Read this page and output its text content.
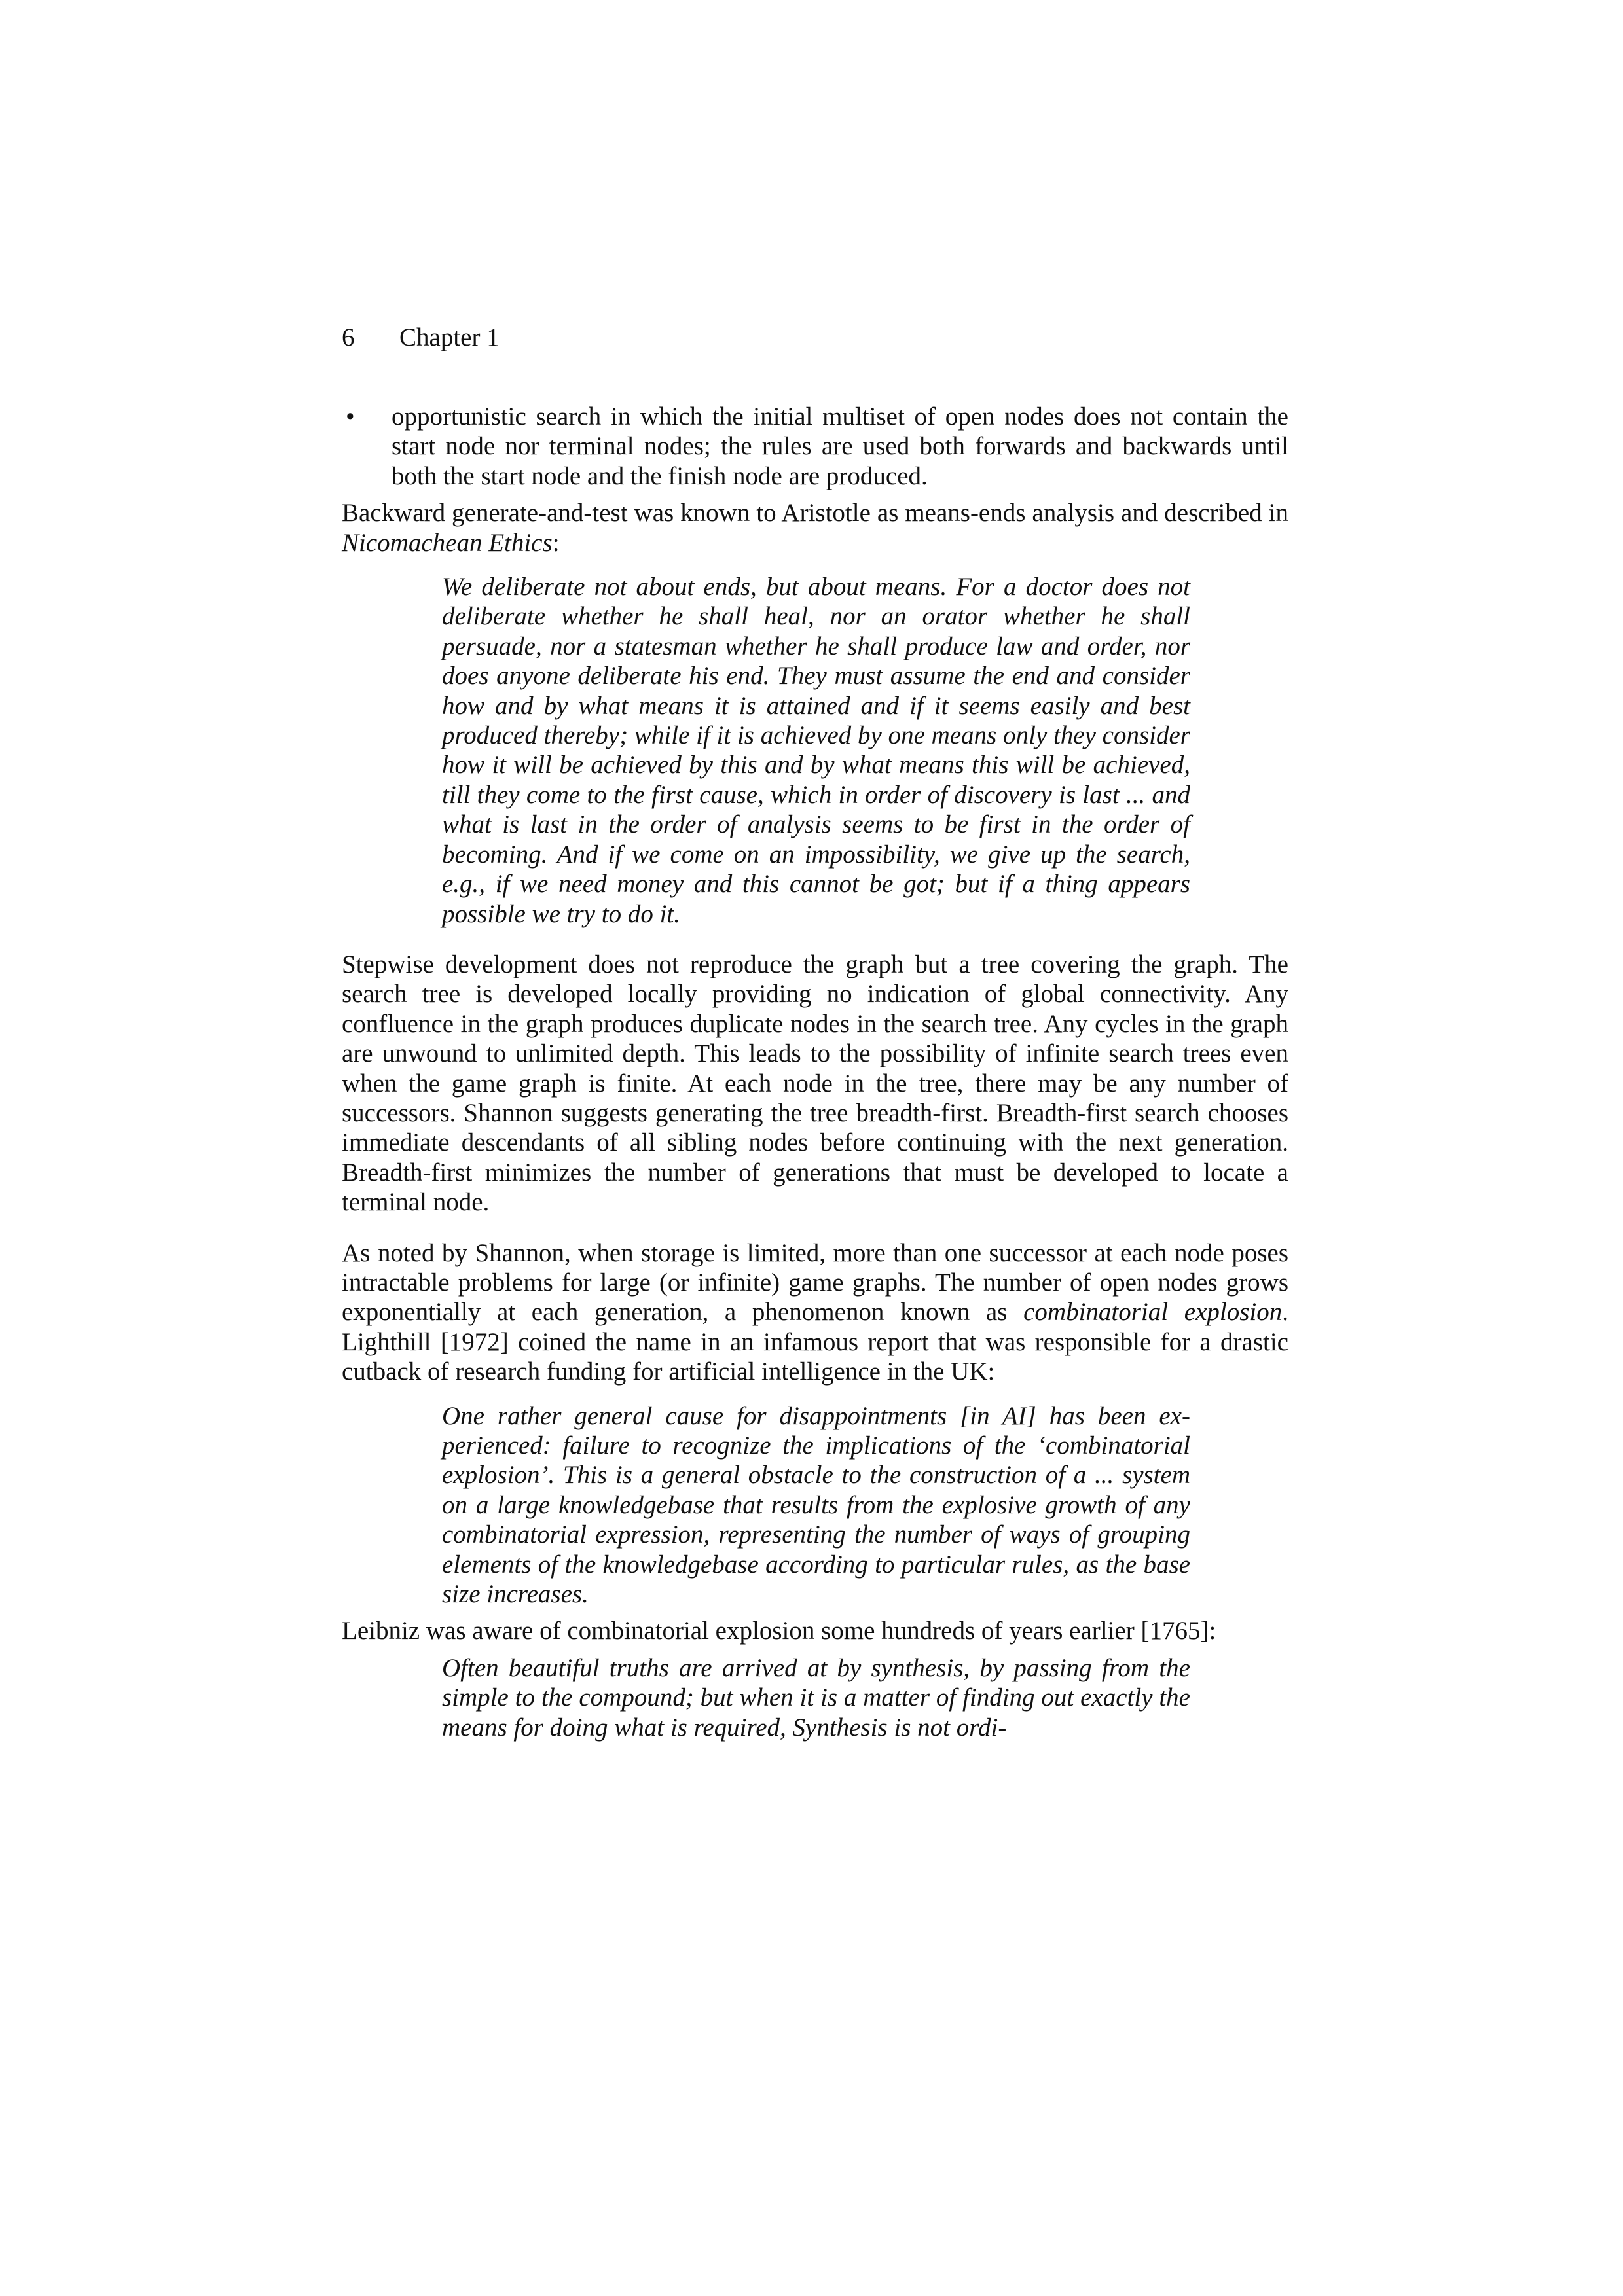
6 Chapter 1

• opportunistic search in which the initial multiset of open nodes does not contain the start node nor terminal nodes; the rules are used both forwards and backwards until both the start node and the finish node are produced.

Backward generate-and-test was known to Aristotle as means-ends analysis and described in Nicomachean Ethics:

We deliberate not about ends, but about means. For a doctor does not deliberate whether he shall heal, nor an orator whether he shall persuade, nor a statesman whether he shall produce law and order, nor does anyone deliberate his end. They must assume the end and consider how and by what means it is attained and if it seems easily and best produced thereby; while if it is achieved by one means only they consider how it will be achieved by this and by what means this will be achieved, till they come to the first cause, which in order of discovery is last ... and what is last in the order of analysis seems to be first in the order of becoming. And if we come on an impossibility, we give up the search, e.g., if we need money and this cannot be got; but if a thing appears possible we try to do it.

Stepwise development does not reproduce the graph but a tree covering the graph. The search tree is developed locally providing no indication of global connectivity. Any confluence in the graph produces duplicate nodes in the search tree. Any cycles in the graph are unwound to unlimited depth. This leads to the possibility of infinite search trees even when the game graph is finite. At each node in the tree, there may be any number of successors. Shannon suggests generating the tree breadth-first. Breadth-first search chooses immediate descendants of all sibling nodes before continuing with the next generation. Breadth-first minimizes the number of generations that must be developed to locate a terminal node.

As noted by Shannon, when storage is limited, more than one successor at each node poses intractable problems for large (or infinite) game graphs. The number of open nodes grows exponentially at each generation, a phenomenon known as combinatorial explosion. Lighthill [1972] coined the name in an infamous report that was responsible for a drastic cutback of research funding for artificial intelligence in the UK:

One rather general cause for disappointments [in AI] has been experienced: failure to recognize the implications of the ‘combinatorial explosion’. This is a general obstacle to the construction of a ... system on a large knowledgebase that results from the explosive growth of any combinatorial expression, representing the number of ways of grouping elements of the knowledgebase according to particular rules, as the base size increases.

Leibniz was aware of combinatorial explosion some hundreds of years earlier [1765]:

Often beautiful truths are arrived at by synthesis, by passing from the simple to the compound; but when it is a matter of finding out exactly the means for doing what is required, Synthesis is not ordi-
